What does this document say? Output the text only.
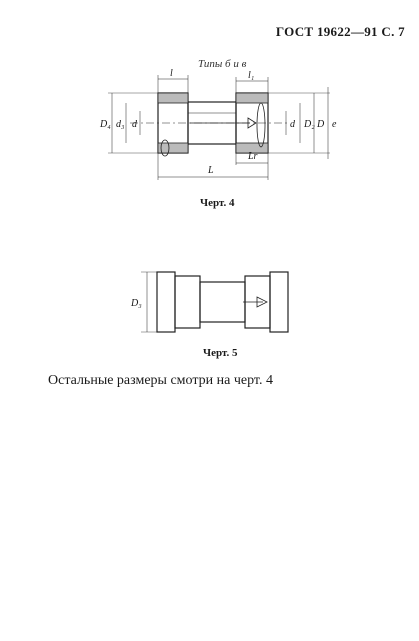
ГОСТ 19622—91 С. 7
Типы б и в
l	l₁
L
Lr
D₄ d₃ d	d D₂ D e
Черт. 4
D₃
Черт. 5
Остальные размеры смотри на черт. 4
